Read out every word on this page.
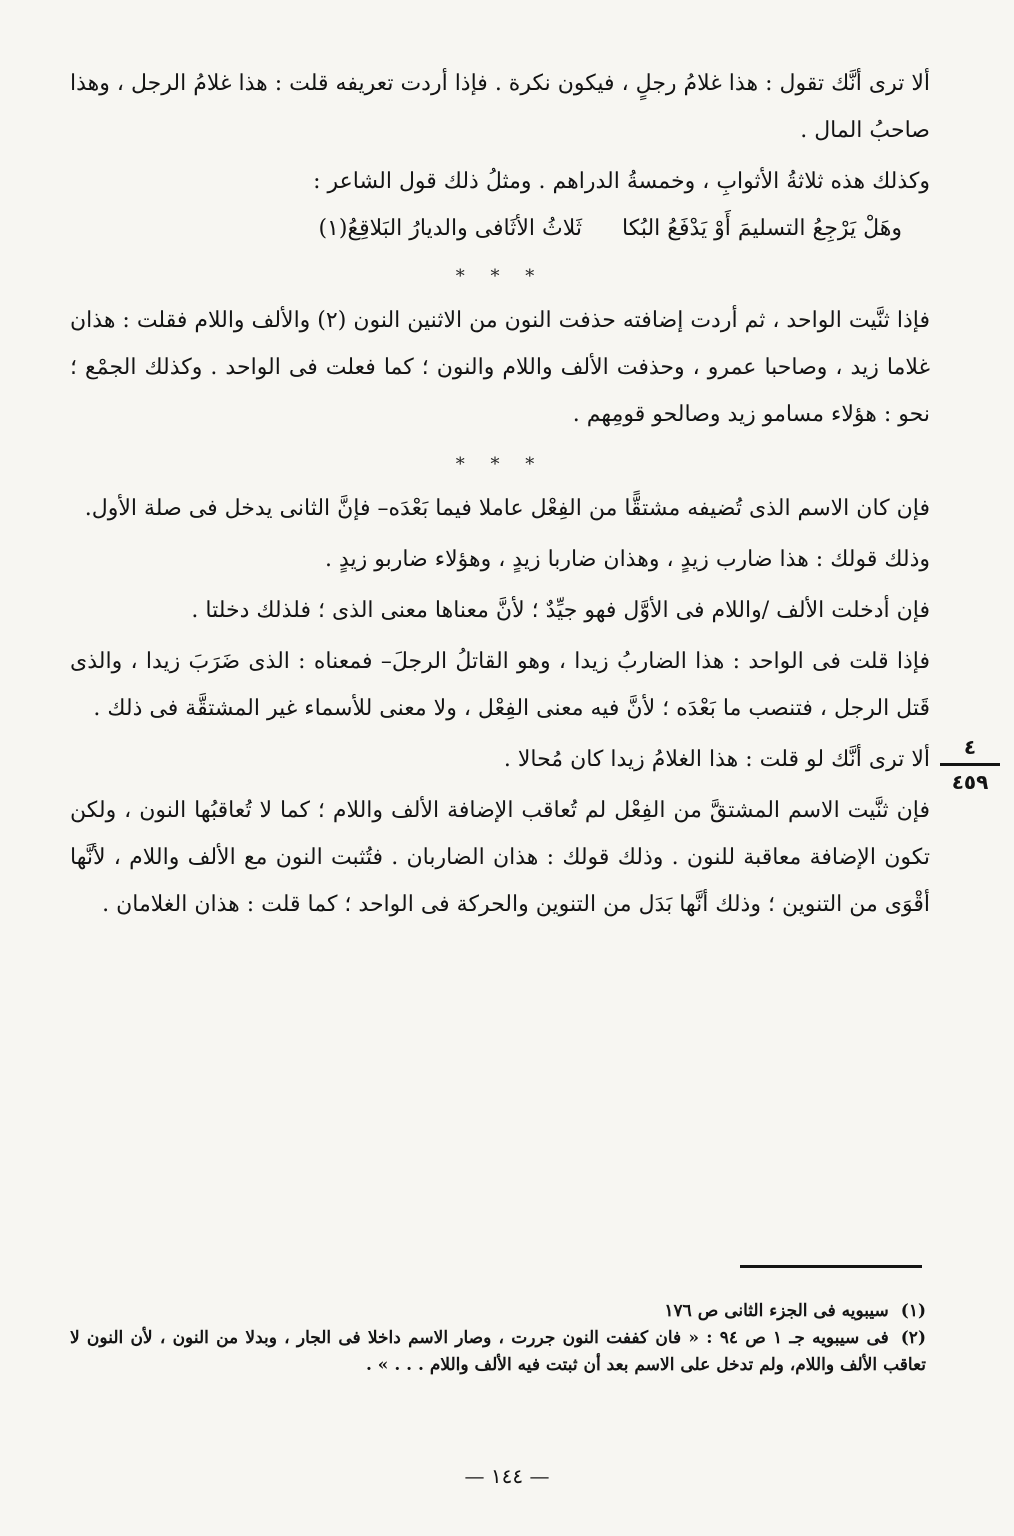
ألا ترى أنَّك تقول : هذا غلامُ رجلٍ ، فيكون نكرة . فإذا أردت تعريفه قلت : هذا غلامُ الرجل ، وهذا صاحبُ المال .

وكذلك هذه ثلاثةُ الأثوابِ ، وخمسةُ الدراهم . ومثلُ ذلك قول الشاعر :

وهَلْ يَرْجِعُ التسليمَ أَوْ يَدْفَعُ البُكا
ثَلاثُ الأثَافى والديارُ البَلاقِعُ(١)
* * *

فإذا ثنَّيت الواحد ، ثم أردت إضافته حذفت النون من الاثنين النون (٢) والألف واللام فقلت : هذان غلاما زيد ، وصاحبا عمرو ، وحذفت الألف واللام والنون ؛ كما فعلت فى الواحد . وكذلك الجمْع ؛ نحو : هؤلاء مسامو زيد وصالحو قومِهم .

* * *

فإن كان الاسم الذى تُضيفه مشتقًّا من الفِعْل عاملا فيما بَعْدَه– فإنَّ الثانى يدخل فى صلة الأول.

وذلك قولك : هذا ضارب زيدٍ ، وهذان ضاربا زيدٍ ، وهؤلاء ضاربو زيدٍ .

فإن أدخلت الألف /واللام فى الأوَّل فهو جيِّدٌ ؛ لأنَّ معناها معنى الذى ؛ فلذلك دخلتا .

فإذا قلت فى الواحد : هذا الضاربُ زيدا ، وهو القاتلُ الرجلَ– فمعناه : الذى ضَرَبَ زيدا ، والذى قَتل الرجل ، فتنصب ما بَعْدَه ؛ لأنَّ فيه معنى الفِعْل ، ولا معنى للأسماء غير المشتقَّة فى ذلك .

ألا ترى أنَّك لو قلت : هذا الغلامُ زيدا كان مُحالا .

فإن ثنَّيت الاسم المشتقَّ من الفِعْل لم تُعاقب الإضافة الألف واللام ؛ كما لا تُعاقبُها النون ، ولكن تكون الإضافة معاقبة للنون . وذلك قولك : هذان الضاربان . فتُثبت النون مع الألف واللام ، لأنَّها أقْوَى من التنوين ؛ وذلك أنَّها بَدَل من التنوين والحركة فى الواحد ؛ كما قلت : هذان الغلامان .

٤
٤٥٩

(١)سيبويه فى الجزء الثانى ص ١٧٦

(٢)فى سيبويه جـ ١ ص ٩٤ : « فان كففت النون جررت ، وصار الاسم داخلا فى الجار ، وبدلا من النون ، لأن النون لا تعاقب الألف واللام، ولم تدخل على الاسم بعد أن ثبتت فيه الألف واللام . . . » .

— ١٤٤ —
